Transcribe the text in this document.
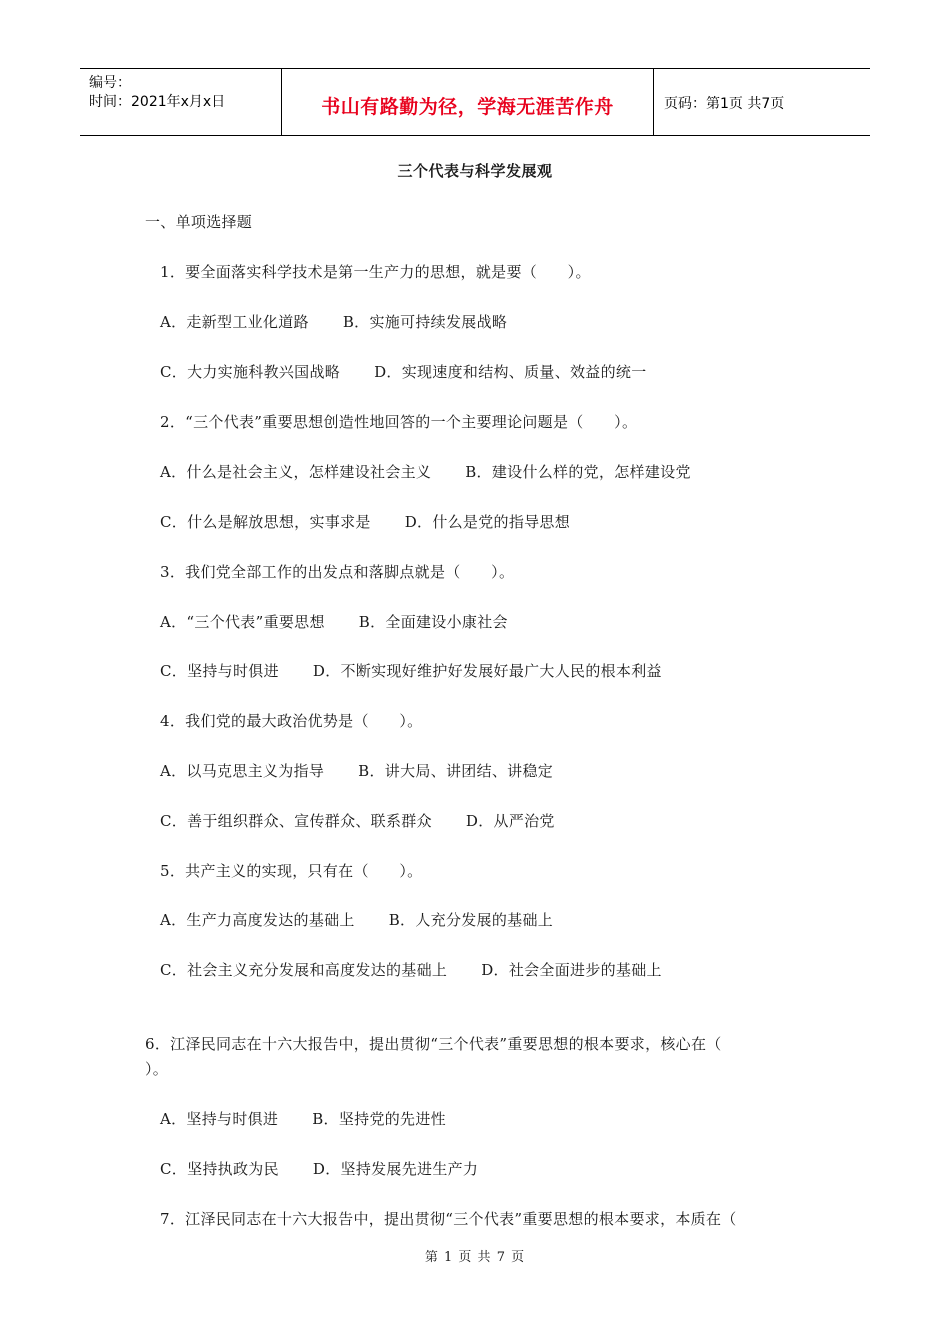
编号：
时间：2021年x月x日	书山有路勤为径，学海无涯苦作舟	页码：第1页 共7页
三个代表与科学发展观
一、单项选择题
1．要全面落实科学技术是第一生产力的思想，就是要（　　）。
A．走新型工业化道路 B．实施可持续发展战略
C．大力实施科教兴国战略 D．实现速度和结构、质量、效益的统一
2．“三个代表”重要思想创造性地回答的一个主要理论问题是（　　）。
A．什么是社会主义，怎样建设社会主义 B．建设什么样的党，怎样建设党
C．什么是解放思想，实事求是 D．什么是党的指导思想
3．我们党全部工作的出发点和落脚点就是（　　）。
A．“三个代表”重要思想 B．全面建设小康社会
C．坚持与时俱进 D．不断实现好维护好发展好最广大人民的根本利益
4．我们党的最大政治优势是（　　）。
A．以马克思主义为指导 B．讲大局、讲团结、讲稳定
C．善于组织群众、宣传群众、联系群众 D．从严治党
5．共产主义的实现，只有在（　　）。
A．生产力高度发达的基础上 B．人充分发展的基础上
C．社会主义充分发展和高度发达的基础上 D．社会全面进步的基础上
6．江泽民同志在十六大报告中，提出贯彻“三个代表”重要思想的根本要求，核心在（
）。
A．坚持与时俱进 B．坚持党的先进性
C．坚持执政为民 D．坚持发展先进生产力
7．江泽民同志在十六大报告中，提出贯彻“三个代表”重要思想的根本要求，本质在（
第 1 页 共 7 页
